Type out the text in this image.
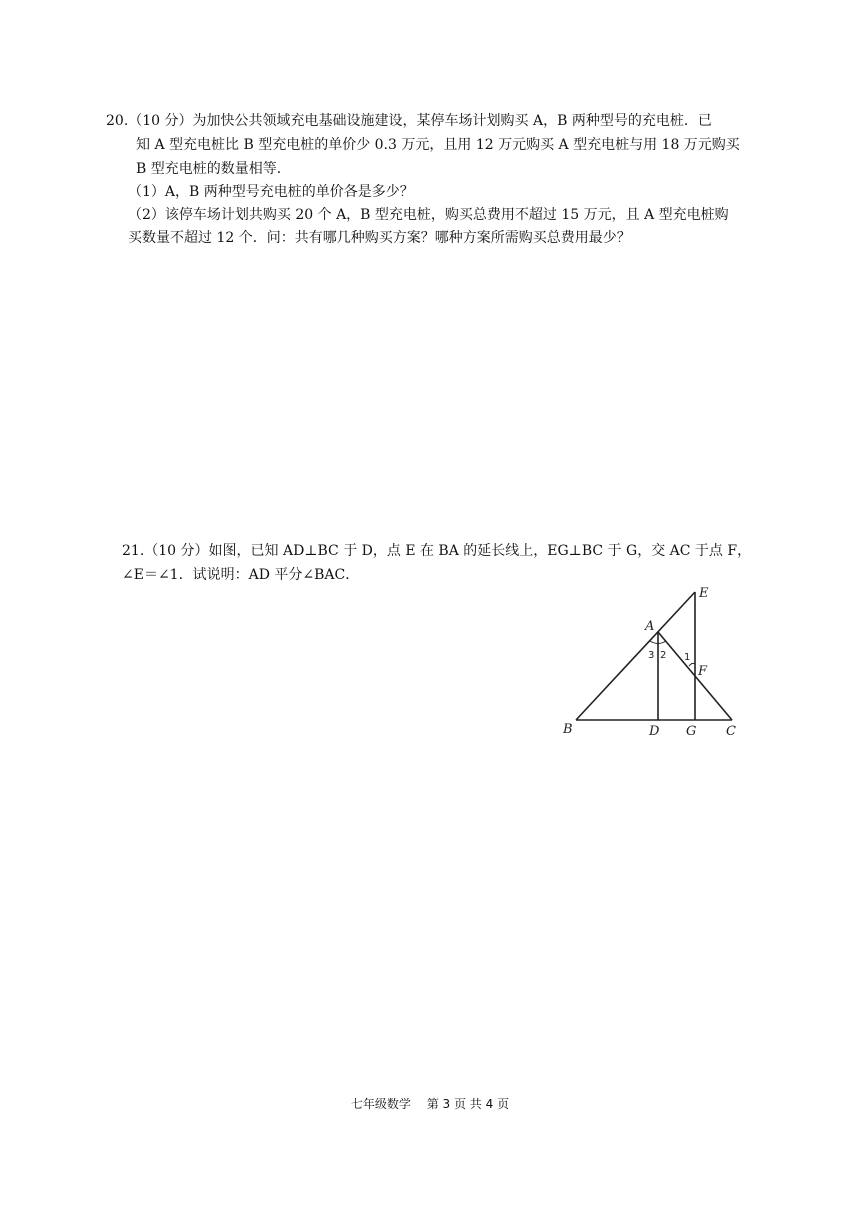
20.（10 分）为加快公共领域充电基础设施建设，某停车场计划购买 A，B 两种型号的充电桩．已
知 A 型充电桩比 B 型充电桩的单价少 0.3 万元，且用 12 万元购买 A 型充电桩与用 18 万元购买
B 型充电桩的数量相等．
（1）A，B 两种型号充电桩的单价各是多少？
（2）该停车场计划共购买 20 个 A，B 型充电桩，购买总费用不超过 15 万元，且 A 型充电桩购
买数量不超过 12 个．问：共有哪几种购买方案？哪种方案所需购买总费用最少？
21.（10 分）如图，已知 AD⊥BC 于 D，点 E 在 BA 的延长线上，EG⊥BC 于 G，交 AC 于点 F，
∠E＝∠1．试说明：AD 平分∠BAC．
A
B	C
D
E
F
G
3 2 1
七年级数学　 第 3 页 共 4 页
